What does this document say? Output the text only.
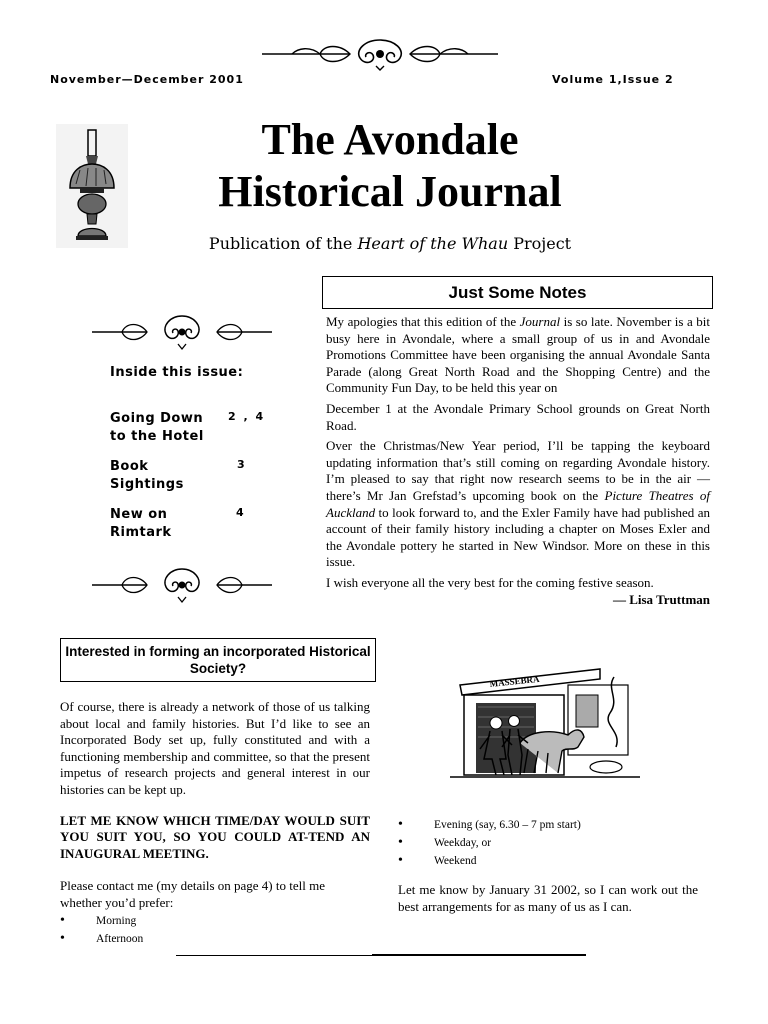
November—December 2001	Volume 1,Issue 2
The Avondale
Historical Journal
Publication of the Heart of the Whau Project
Inside this issue:
Going Down to the Hotel
2 , 4
Book Sightings
3
New on Rimtark
4
Just Some Notes

My apologies that this edition of the Journal is so late. November is a bit busy here in Avondale, where a small group of us in and Avondale Promotions Committee have been organising the annual Avondale Santa Parade (along Great North Road and the Shopping Centre) and the Community Fun Day, to be held this year on

December 1 at the Avondale Primary School grounds on Great North Road.

Over the Christmas/New Year period, I’ll be tapping the keyboard updating information that’s still coming on regarding Avondale history. I’m pleased to say that right now research seems to be in the air — there’s Mr Jan Grefstad’s upcoming book on the Picture Theatres of Auckland to look forward to, and the Exler Family have had published an account of their family history including a chapter on Moses Exler and the Avondale pottery he started in New Windsor. More on these in this issue.

I wish everyone all the very best for the coming festive season.

— Lisa Truttman

Interested in forming an incorporated Historical Society?

Of course, there is already a network of those of us talking about local and family histories. But I’d like to see an Incorporated Body set up, fully constituted and with a functioning membership and committee, so that the present impetus of research projects and general interest in our histories can be kept up.

LET ME KNOW WHICH TIME/DAY WOULD SUIT YOU SUIT YOU, SO YOU COULD AT-TEND AN INAUGURAL MEETING.

Please contact me (my details on page 4) to tell me whether you’d prefer:

• Morning
• Afternoon
MASSEBRA
• Evening (say, 6.30 – 7 pm start)
• Weekday, or
• Weekend
Let me know by January 31 2002, so I can work out the best arrangements for as many of us as I can.
